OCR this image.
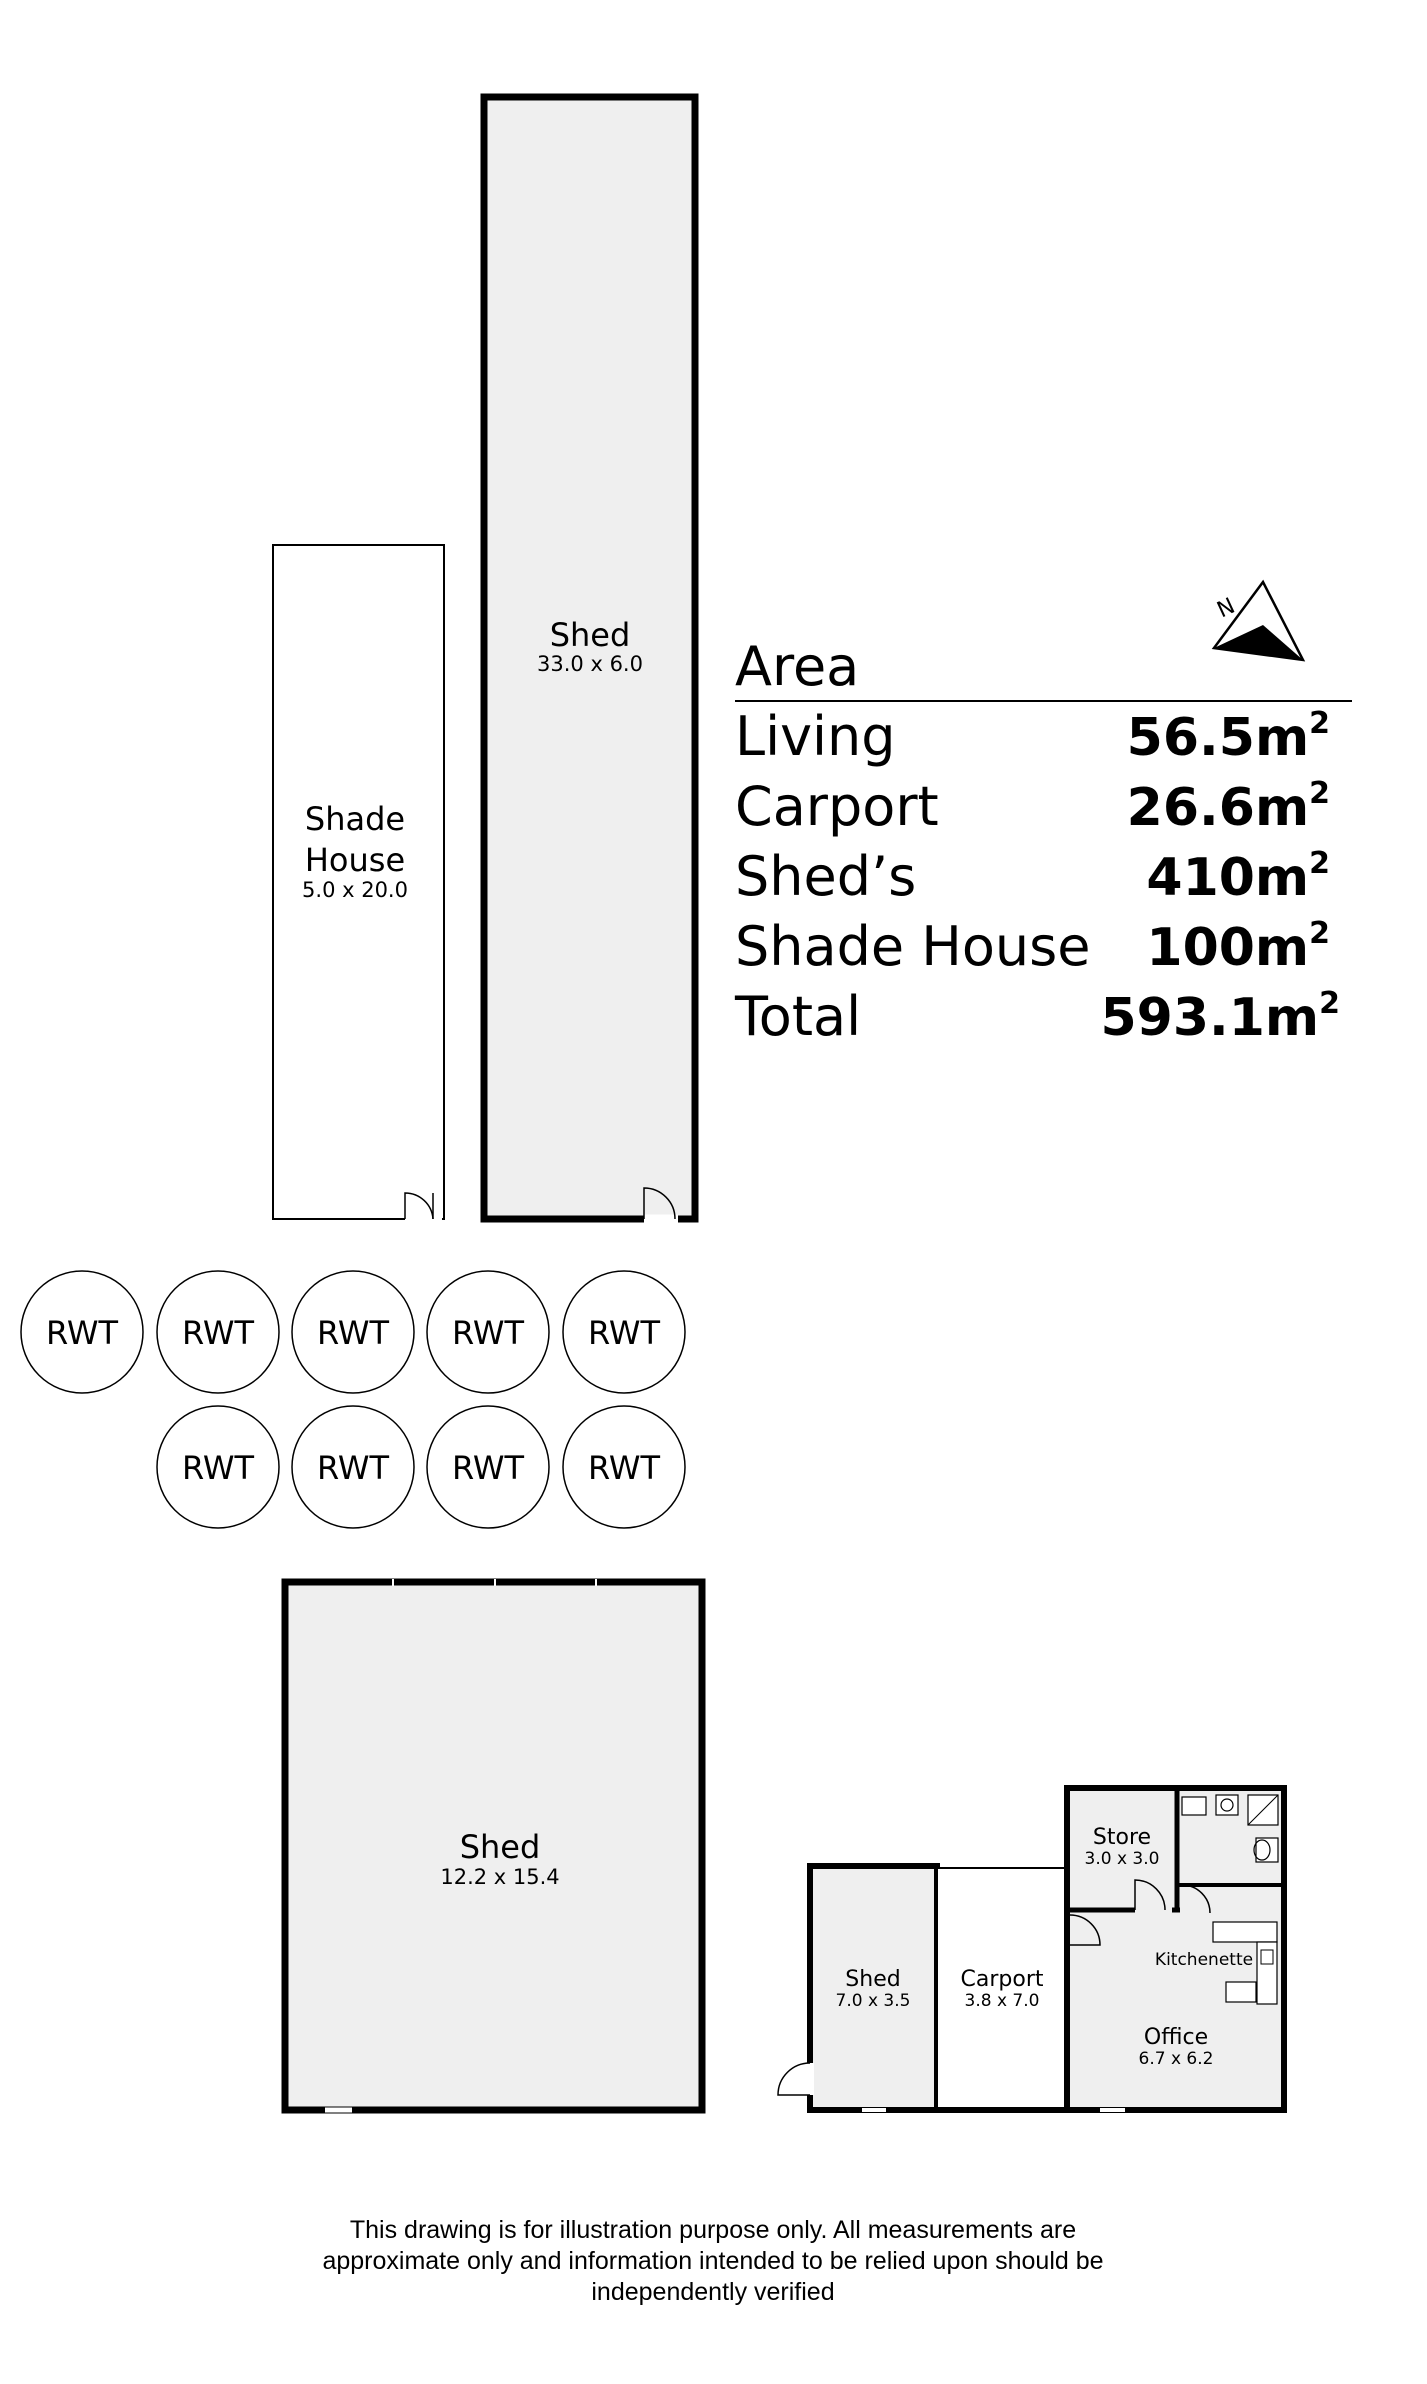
Shed
33.0 x 6.0
Shade
House
5.0 x 20.0
RWT RWT RWT RWT RWT
RWT RWT RWT RWT
Shed
12.2 x 15.4
Shed
7.0 x 3.5
Carport
3.8 x 7.0
Store
3.0 x 3.0
Kitchenette
Office
6.7 x 6.2
N
Area
Living	$56.5m^2$
Carport	$26.6m^2$
Shed’s	$410m^2$
Shade House $100m^2$
Total	$593.1m^2$
This drawing is for illustration purpose only. All measurements are
approximate only and information intended to be relied upon should be
independently verified
